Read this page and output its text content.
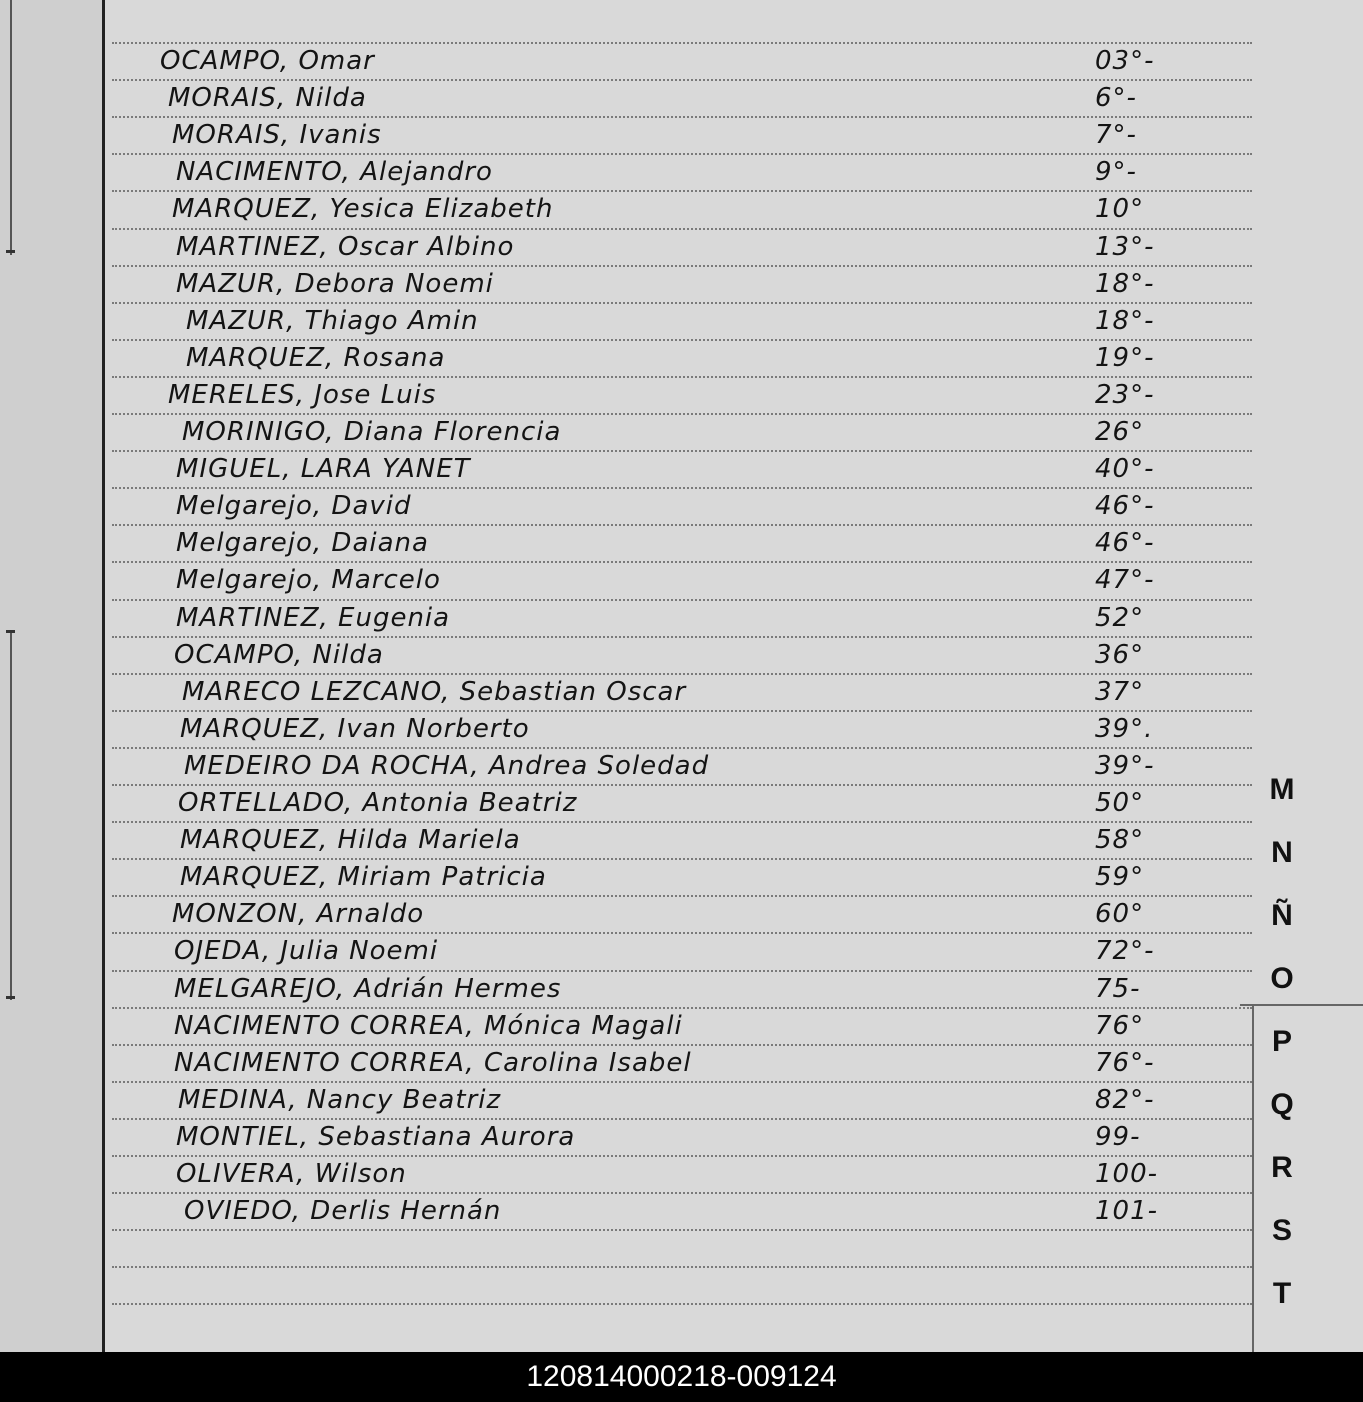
OCAMPO, Omar	03°-
MORAIS, Nilda	6°-
MORAIS, Ivanis	7°-
NACIMENTO, Alejandro	9°-
MARQUEZ, Yesica Elizabeth	10°
MARTINEZ, Oscar Albino	13°-
MAZUR, Debora Noemi	18°-
MAZUR, Thiago Amin	18°-
MARQUEZ, Rosana	19°-
MERELES, Jose Luis	23°-
MORINIGO, Diana Florencia	26°
MIGUEL, LARA YANET	40°-
Melgarejo, David	46°-
Melgarejo, Daiana	46°-
Melgarejo, Marcelo	47°-
MARTINEZ, Eugenia	52°
OCAMPO, Nilda	36°
MARECO LEZCANO, Sebastian Oscar	37°
MARQUEZ, Ivan Norberto	39°.
MEDEIRO DA ROCHA, Andrea Soledad	39°-
ORTELLADO, Antonia Beatriz	50°
MARQUEZ, Hilda Mariela	58°
MARQUEZ, Miriam Patricia	59°
MONZON, Arnaldo	60°
OJEDA, Julia Noemi	72°-
MELGAREJO, Adrián Hermes	75-
NACIMENTO CORREA, Mónica Magali	76°
NACIMENTO CORREA, Carolina Isabel	76°-
MEDINA, Nancy Beatriz	82°-
MONTIEL, Sebastiana Aurora	99-
OLIVERA, Wilson	100-
OVIEDO, Derlis Hernán	101-
M
N
Ñ
O
P
Q
R
S
T
120814000218-009124
